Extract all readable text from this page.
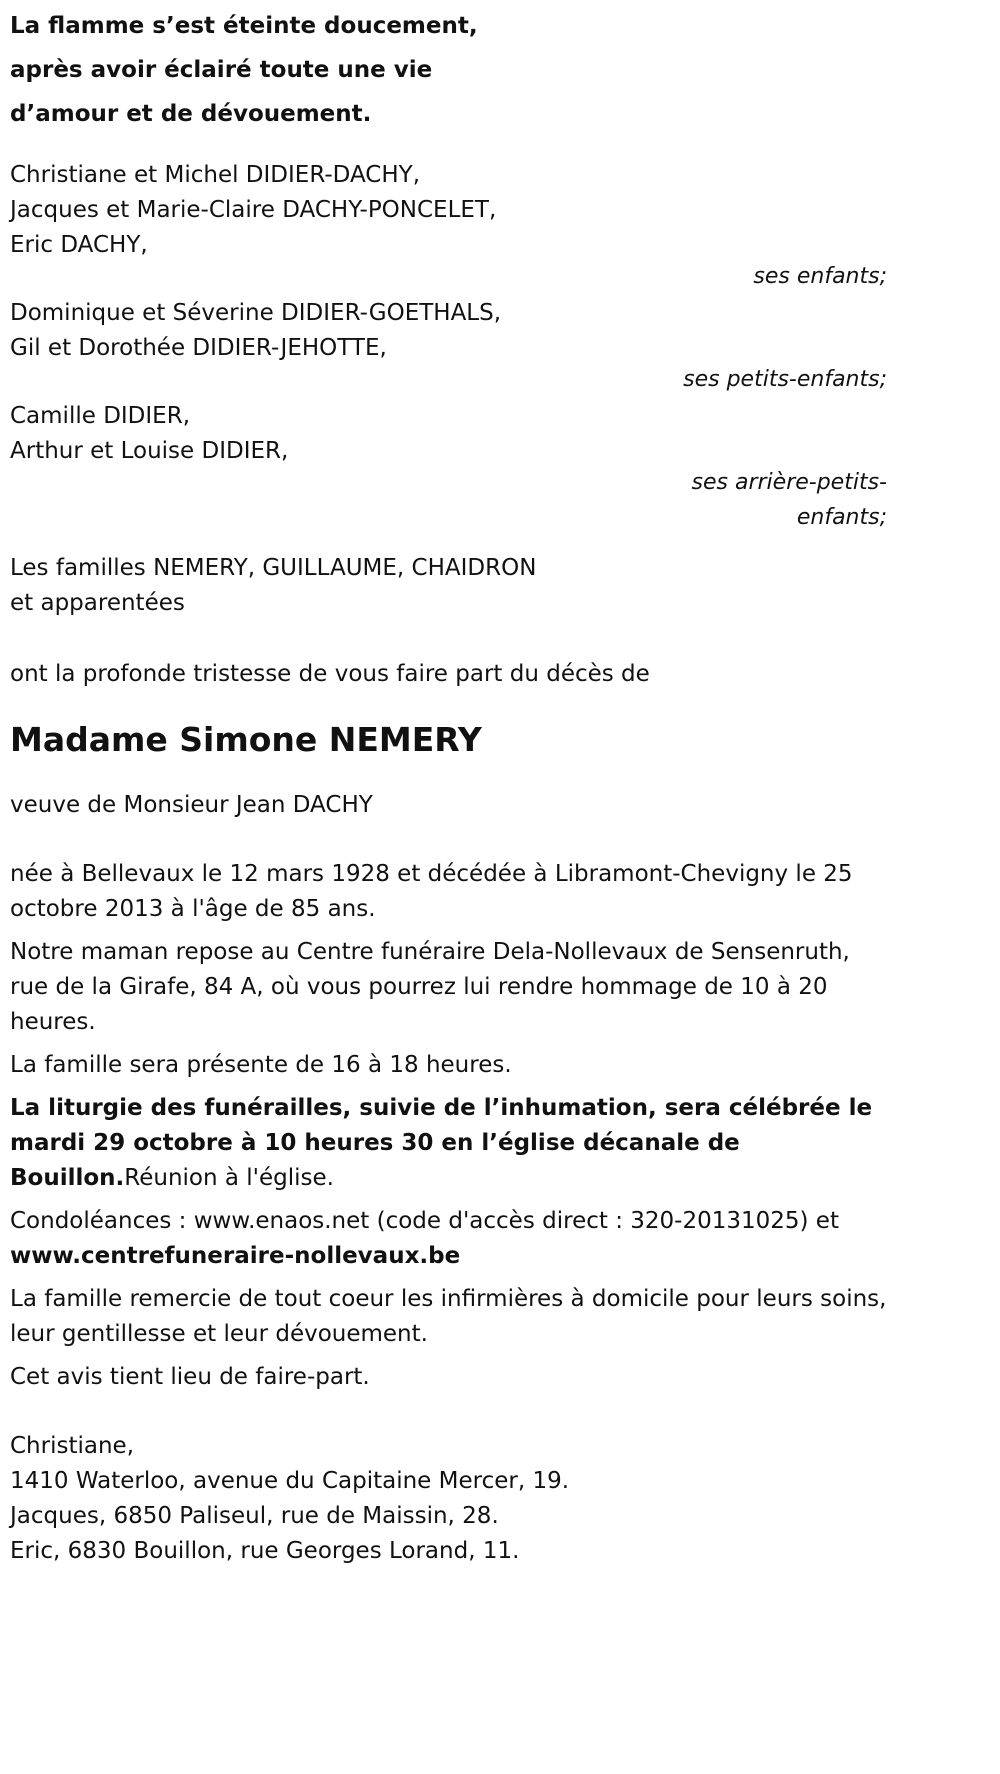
La flamme s’est éteinte doucement,
après avoir éclairé toute une vie
d’amour et de dévouement.
Christiane et Michel DIDIER-DACHY,
Jacques et Marie-Claire DACHY-PONCELET,
Eric DACHY,
ses enfants;
Dominique et Séverine DIDIER-GOETHALS,
Gil et Dorothée DIDIER-JEHOTTE,
ses petits-enfants;
Camille DIDIER,
Arthur et Louise DIDIER,
ses arrière-petits-
enfants;
Les familles NEMERY, GUILLAUME, CHAIDRON
et apparentées
ont la profonde tristesse de vous faire part du décès de
Madame Simone NEMERY
veuve de Monsieur Jean DACHY

née à Bellevaux le 12 mars 1928 et décédée à Libramont-Chevigny le 25 octobre 2013 à l'âge de 85 ans.

Notre maman repose au Centre funéraire Dela-Nollevaux de Sensenruth, rue de la Girafe, 84 A, où vous pourrez lui rendre hommage de 10 à 20 heures.

La famille sera présente de 16 à 18 heures.

La liturgie des funérailles, suivie de l’inhumation, sera célébrée le mardi 29 octobre à 10 heures 30 en l’église décanale de Bouillon.Réunion à l'église.

Condoléances : www.enaos.net (code d'accès direct : 320-20131025) et
www.centrefuneraire-nollevaux.be

La famille remercie de tout coeur les infirmières à domicile pour leurs soins, leur gentillesse et leur dévouement.

Cet avis tient lieu de faire-part.

Christiane,
1410 Waterloo, avenue du Capitaine Mercer, 19.
Jacques, 6850 Paliseul, rue de Maissin, 28.
Eric, 6830 Bouillon, rue Georges Lorand, 11.
